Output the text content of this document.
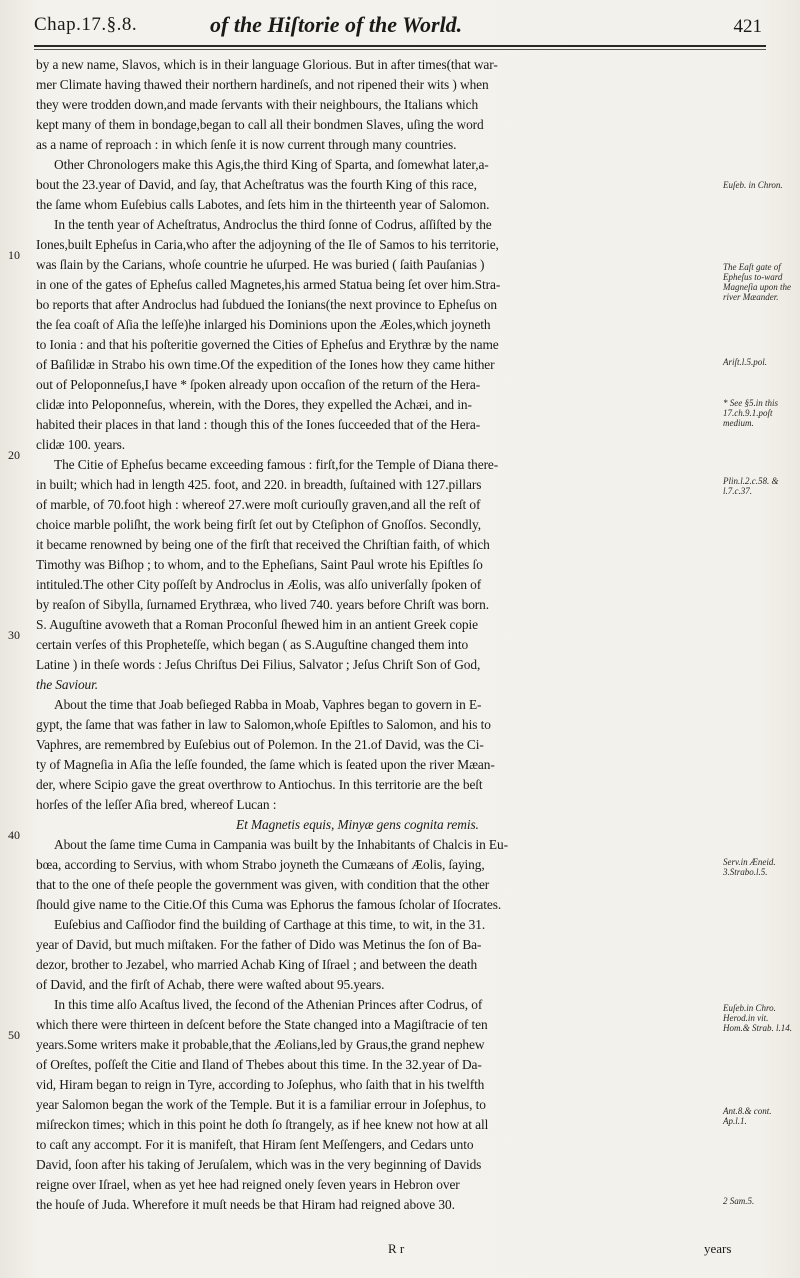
Chap.17.§.8.	of the Hiſtorie of the World.	421
10
20
30
40
50
by a new name, Slavos, which is in their language Glorious. But in after times(that war-
mer Climate having thawed their northern hardineſs, and not ripened their wits ) when
they were trodden down,and made ſervants with their neighbours, the Italians which
kept many of them in bondage,began to call all their bondmen Slaves, uſing the word
as a name of reproach : in which ſenſe it is now current through many countries.
Other Chronologers make this Agis,the third King of Sparta, and ſomewhat later,a-
bout the 23.year of David, and ſay, that Acheſtratus was the fourth King of this race,
the ſame whom Euſebius calls Labotes, and ſets him in the thirteenth year of Salomon.
In the tenth year of Acheſtratus, Androclus the third ſonne of Codrus, aſſiſted by the
Iones,built Epheſus in Caria,who after the adjoyning of the Ile of Samos to his territorie,
was ſlain by the Carians, whoſe countrie he uſurped. He was buried ( ſaith Pauſanias )
in one of the gates of Epheſus called Magnetes,his armed Statua being ſet over him.Stra-
bo reports that after Androclus had ſubdued the Ionians(the next province to Epheſus on
the ſea coaſt of Aſia the leſſe)he inlarged his Dominions upon the Æoles,which joyneth
to Ionia : and that his poſteritie governed the Cities of Epheſus and Erythræ by the name
of Baſilidæ in Strabo his own time.Of the expedition of the Iones how they came hither
out of Peloponneſus,I have * ſpoken already upon occaſion of the return of the Hera-
clidæ into Peloponneſus, wherein, with the Dores, they expelled the Achæi, and in-
habited their places in that land : though this of the Iones ſucceeded that of the Hera-
clidæ 100. years.
The Citie of Epheſus became exceeding famous : firſt,for the Temple of Diana there-
in built; which had in length 425. foot, and 220. in breadth, ſuſtained with 127.pillars
of marble, of 70.foot high : whereof 27.were moſt curiouſly graven,and all the reſt of
choice marble poliſht, the work being firſt ſet out by Cteſiphon of Gnoſſos. Secondly,
it became renowned by being one of the firſt that received the Chriſtian faith, of which
Timothy was Biſhop ; to whom, and to the Epheſians, Saint Paul wrote his Epiſtles ſo
intituled.The other City poſſeſt by Androclus in Æolis, was alſo univerſally ſpoken of
by reaſon of Sibylla, ſurnamed Erythræa, who lived 740. years before Chriſt was born.
S. Auguſtine avoweth that a Roman Proconſul ſhewed him in an antient Greek copie
certain verſes of this Propheteſſe, which began ( as S.Auguſtine changed them into
Latine ) in theſe words : Jeſus Chriſtus Dei Filius, Salvator ; Jeſus Chriſt Son of God,
the Saviour.
About the time that Joab beſieged Rabba in Moab, Vaphres began to govern in E-
gypt, the ſame that was father in law to Salomon,whoſe Epiſtles to Salomon, and his to
Vaphres, are remembred by Euſebius out of Polemon. In the 21.of David, was the Ci-
ty of Magneſia in Aſia the leſſe founded, the ſame which is ſeated upon the river Mæan-
der, where Scipio gave the great overthrow to Antiochus. In this territorie are the beſt
horſes of the leſſer Aſia bred, whereof Lucan :
Et Magnetis equis, Minyæ gens cognita remis.
About the ſame time Cuma in Campania was built by the Inhabitants of Chalcis in Eu-
bœa, according to Servius, with whom Strabo joyneth the Cumæans of Æolis, ſaying,
that to the one of theſe people the government was given, with condition that the other
ſhould give name to the Citie.Of this Cuma was Ephorus the famous ſcholar of Iſocrates.
Euſebius and Caſſiodor find the building of Carthage at this time, to wit, in the 31.
year of David, but much miſtaken. For the father of Dido was Metinus the ſon of Ba-
dezor, brother to Jezabel, who married Achab King of Iſrael ; and between the death
of David, and the firſt of Achab, there were waſted about 95.years.
In this time alſo Acaſtus lived, the ſecond of the Athenian Princes after Codrus, of
which there were thirteen in deſcent before the State changed into a Magiſtracie of ten
years.Some writers make it probable,that the Æolians,led by Graus,the grand nephew
of Oreſtes, poſſeſt the Citie and Iland of Thebes about this time. In the 32.year of Da-
vid, Hiram began to reign in Tyre, according to Joſephus, who ſaith that in his twelfth
year Salomon began the work of the Temple. But it is a familiar errour in Joſephus, to
miſreckon times; which in this point he doth ſo ſtrangely, as if hee knew not how at all
to caſt any accompt. For it is manifeſt, that Hiram ſent Meſſengers, and Cedars unto
David, ſoon after his taking of Jeruſalem, which was in the very beginning of Davids
reigne over Iſrael, when as yet hee had reigned onely ſeven years in Hebron over
the houſe of Juda. Wherefore it muſt needs be that Hiram had reigned above 30.
Euſeb. in Chron.
The Eaſt gate of Epheſus to-ward Magneſia upon the river Mæander.
Ariſt.l.5.pol.
* See §5.in this 17.ch.9.1.poſt medium.
Plin.l.2.c.58. & l.7.c.37.
Serv.in Æneid. 3.Strabo.l.5.
Euſeb.in Chro. Herod.in vit. Hom.& Strab. l.14.
Ant.8.& cont. Ap.l.1.
2 Sam.5.
R r	years
